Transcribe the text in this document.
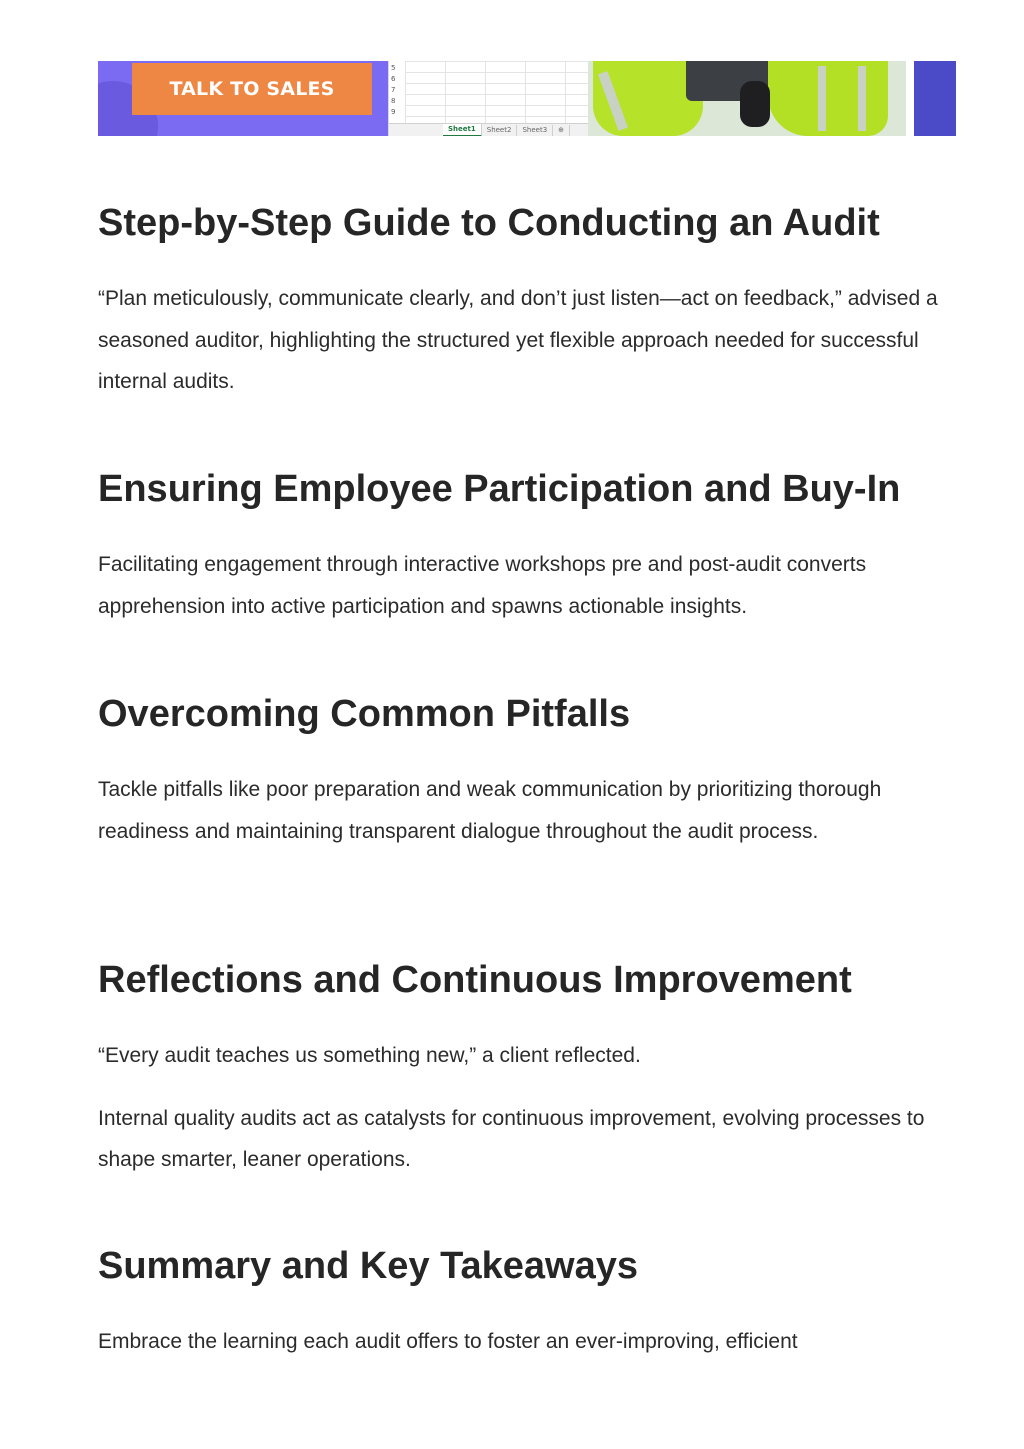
TALK TO SALES
5
6
7
8
9
Sheet1	Sheet2	Sheet3	⊕
Step-by-Step Guide to Conducting an Audit

“Plan meticulously, communicate clearly, and don’t just listen—act on feedback,” advised a seasoned auditor, highlighting the structured yet flexible approach needed for successful internal audits.

Ensuring Employee Participation and Buy-In

Facilitating engagement through interactive workshops pre and post-audit converts apprehension into active participation and spawns actionable insights.

Overcoming Common Pitfalls

Tackle pitfalls like poor preparation and weak communication by prioritizing thorough readiness and maintaining transparent dialogue throughout the audit process.

Reflections and Continuous Improvement

“Every audit teaches us something new,” a client reflected.

Internal quality audits act as catalysts for continuous improvement, evolving processes to shape smarter, leaner operations.

Summary and Key Takeaways

Embrace the learning each audit offers to foster an ever-improving, efficient
